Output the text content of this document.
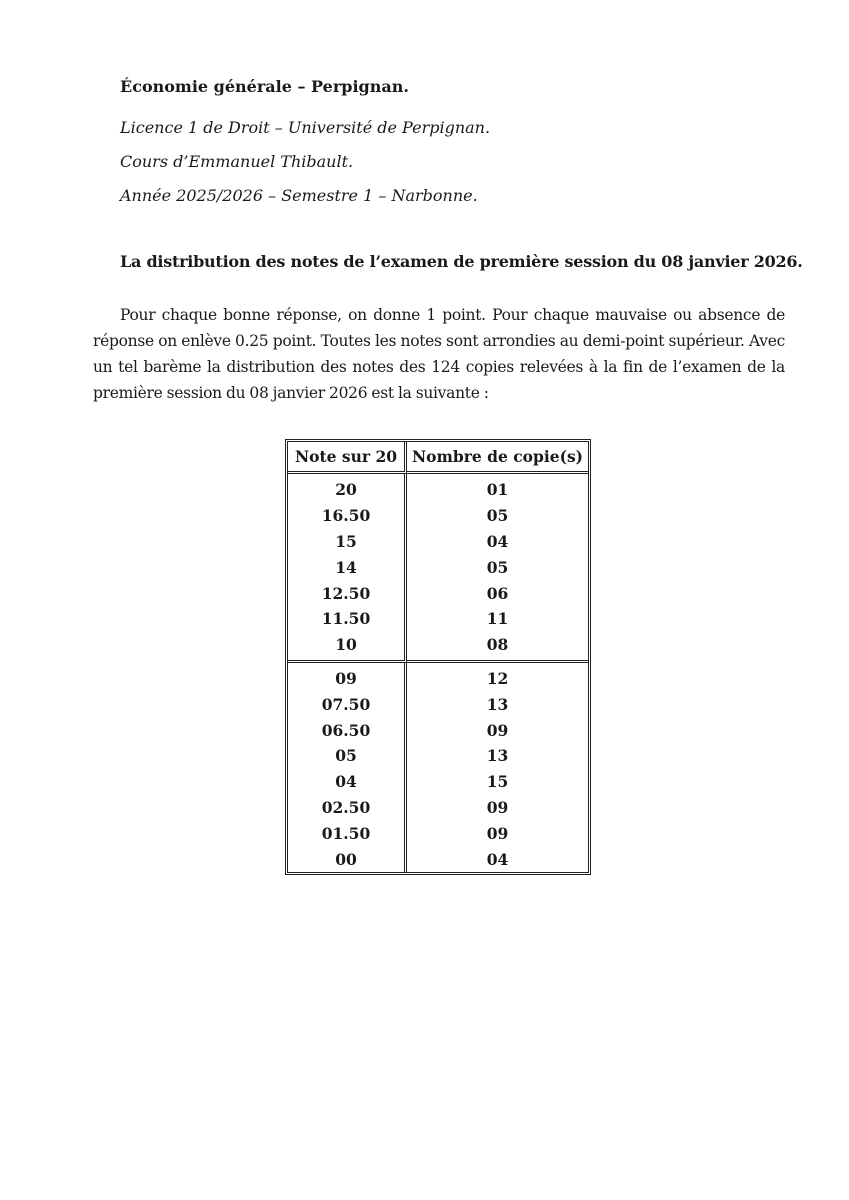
Économie générale – Perpignan.

Licence 1 de Droit – Université de Perpignan.

Cours d’Emmanuel Thibault.

Année 2025/2026 – Semestre 1 – Narbonne.

La distribution des notes de l’examen de première session du 08 janvier 2026.

Pour chaque bonne réponse, on donne 1 point. Pour chaque mauvaise ou absence de réponse on enlève 0.25 point. Toutes les notes sont arrondies au demi-point supérieur. Avec un tel barème la distribution des notes des 124 copies relevées à la fin de l’examen de la première session du 08 janvier 2026 est la suivante :

Note sur 20	Nombre de copie(s)
20	01
16.50	05
15	04
14	05
12.50	06
11.50	11
10	08
09	12
07.50	13
06.50	09
05	13
04	15
02.50	09
01.50	09
00	04
